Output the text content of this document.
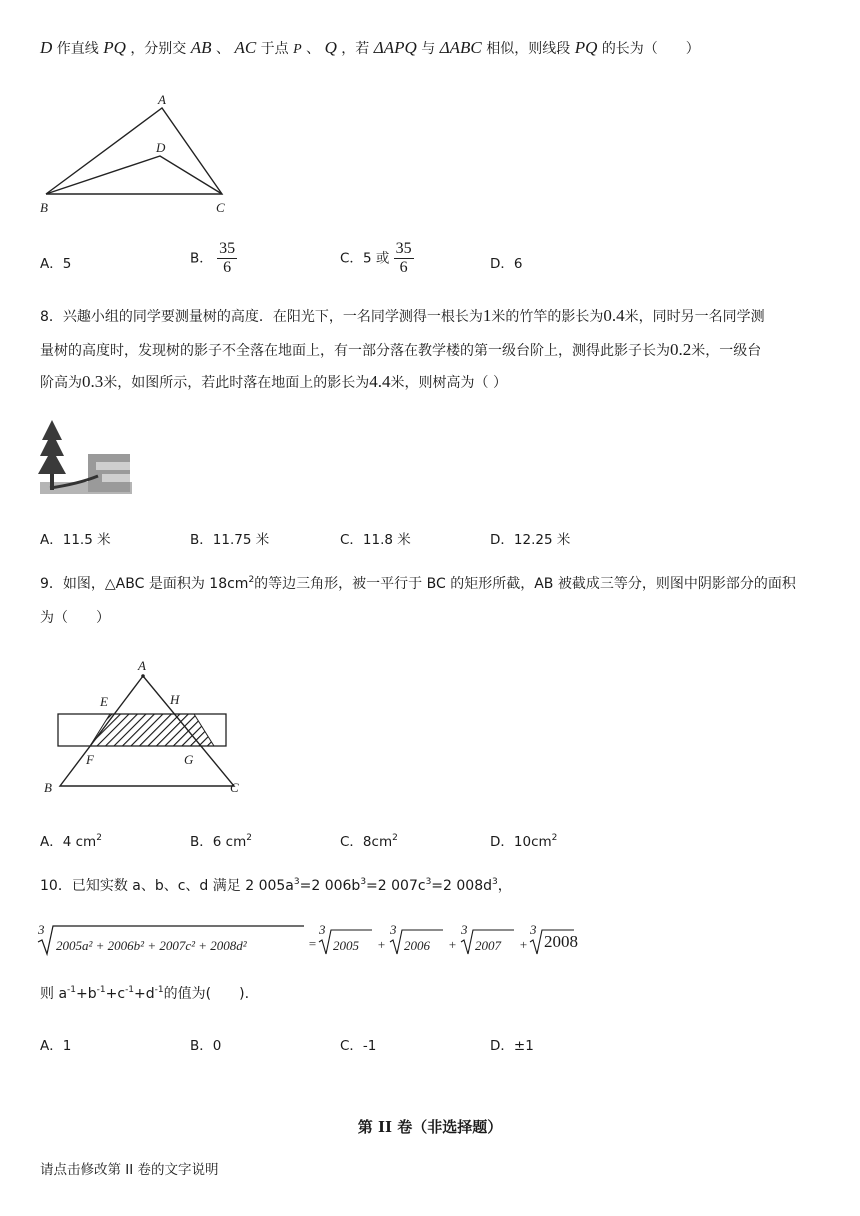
D 作直线 PQ ，分别交 AB 、 AC 于点 P 、 Q ，若 ΔAPQ 与 ΔABC 相似，则线段 PQ 的长为（　　）
A
D
B	C
A．5	B． $\frac{35}{6}$	C．5 或 $\frac{35}{6}$	D．6
8．兴趣小组的同学要测量树的高度．在阳光下，一名同学测得一根长为1米的竹竿的影长为0.4米，同时另一名同学测
量树的高度时，发现树的影子不全落在地面上，有一部分落在教学楼的第一级台阶上，测得此影子长为0.2米，一级台
阶高为0.3米，如图所示，若此时落在地面上的影长为4.4米，则树高为（ ）
A．11.5 米	B．11.75 米	C．11.8 米	D．12.25 米
9．如图，△ABC 是面积为 $18cm^2$的等边三角形，被一平行于 BC 的矩形所截，AB 被截成三等分，则图中阴影部分的面积
为（　　）
A
E	H
F	G
B	C
A．4 $cm^2$	B．6 $cm^2$	C．$8cm^2$	D．$10cm^2$
10．已知实数 a、b、c、d 满足 2 $005a^3=2$ $006b^3=2$ $007c^3=2$ $008d^3$，
3
2005a² + 2006b² + 2007c² + 2008d²	=
3
2005 +
3
2006 +
3
2007 +
3
2008
则 $a^{-1}+b^{-1}+c^{-1}+d^{-1}$的值为(　　).
A．1	B．0	C．-1	D．±1
第 II 卷（非选择题）
请点击修改第 II 卷的文字说明
